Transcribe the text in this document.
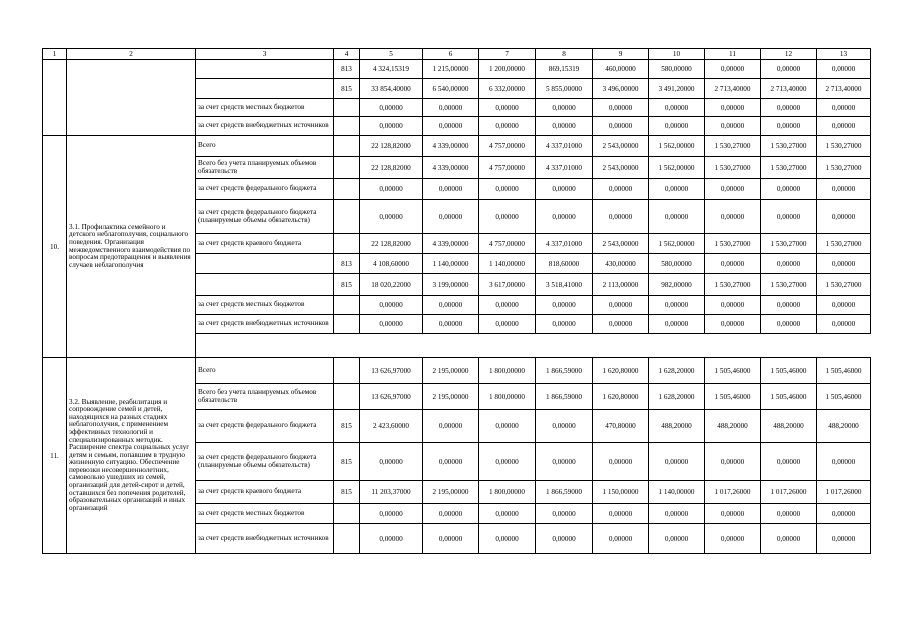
1	2	3	4	5	6	7	8	9	10	11	12	13
			813	4 324,15319	1 215,00000	1 200,00000	869,15319	460,00000	580,00000	0,00000	0,00000	0,00000
			815	33 854,40000	6 540,00000	6 332,00000	5 855,00000	3 496,00000	3 491,20000	2 713,40000	2 713,40000	2 713,40000
		за счет средств местных бюджетов		0,00000	0,00000	0,00000	0,00000	0,00000	0,00000	0,00000	0,00000	0,00000
		за счет средств внебюджетных источников		0,00000	0,00000	0,00000	0,00000	0,00000	0,00000	0,00000	0,00000	0,00000
10.	3.1. Профилактика семейного и детского неблагополучия, социального поведения. Организация межведомственного взаимодействия по вопросам предотвращения и выявления случаев неблагополучия	Всего		22 128,82000	4 339,00000	4 757,00000	4 337,01000	2 543,00000	1 562,00000	1 530,27000	1 530,27000	1 530,27000
		Всего без учета планируемых объемов обязательств		22 128,82000	4 339,00000	4 757,00000	4 337,01000	2 543,00000	1 562,00000	1 530,27000	1 530,27000	1 530,27000
		за счет средств федерального бюджета		0,00000	0,00000	0,00000	0,00000	0,00000	0,00000	0,00000	0,00000	0,00000
		за счет средств федерального бюджета (планируемые объемы обязательств)		0,00000	0,00000	0,00000	0,00000	0,00000	0,00000	0,00000	0,00000	0,00000
		за счет средств краевого бюджета		22 128,82000	4 339,00000	4 757,00000	4 337,01000	2 543,00000	1 562,00000	1 530,27000	1 530,27000	1 530,27000
			813	4 108,60000	1 140,00000	1 140,00000	818,60000	430,00000	580,00000	0,00000	0,00000	0,00000
			815	18 020,22000	3 199,00000	3 617,00000	3 518,41000	2 113,00000	982,00000	1 530,27000	1 530,27000	1 530,27000
		за счет средств местных бюджетов		0,00000	0,00000	0,00000	0,00000	0,00000	0,00000	0,00000	0,00000	0,00000
		за счет средств внебюджетных источников		0,00000	0,00000	0,00000	0,00000	0,00000	0,00000	0,00000	0,00000	0,00000

11.	3.2. Выявление, реабилитация и сопровождение семей и детей, находящихся на разных стадиях неблагополучия, с применением эффективных технологий и специализированных методик. Расширение спектра социальных услуг детям и семьям, попавшим в трудную жизненную ситуацию. Обеспечение перевозки несовершеннолетних, самовольно ушедших из семей, организаций для детей-сирот и детей, оставшихся без попечения родителей, образовательных организаций и иных организаций	Всего		13 626,97000	2 195,00000	1 800,00000	1 866,59000	1 620,80000	1 628,20000	1 505,46000	1 505,46000	1 505,46000
		Всего без учета планируемых объемов обязательств		13 626,97000	2 195,00000	1 800,00000	1 866,59000	1 620,80000	1 628,20000	1 505,46000	1 505,46000	1 505,46000
		за счет средств федерального бюджета	815	2 423,60000	0,00000	0,00000	0,00000	470,80000	488,20000	488,20000	488,20000	488,20000
		за счет средств федерального бюджета (планируемые объемы обязательств)	815	0,00000	0,00000	0,00000	0,00000	0,00000	0,00000	0,00000	0,00000	0,00000
		за счет средств краевого бюджета	815	11 203,37000	2 195,00000	1 800,00000	1 866,59000	1 150,00000	1 140,00000	1 017,26000	1 017,26000	1 017,26000
		за счет средств местных бюджетов		0,00000	0,00000	0,00000	0,00000	0,00000	0,00000	0,00000	0,00000	0,00000
		за счет средств внебюджетных источников		0,00000	0,00000	0,00000	0,00000	0,00000	0,00000	0,00000	0,00000	0,00000
